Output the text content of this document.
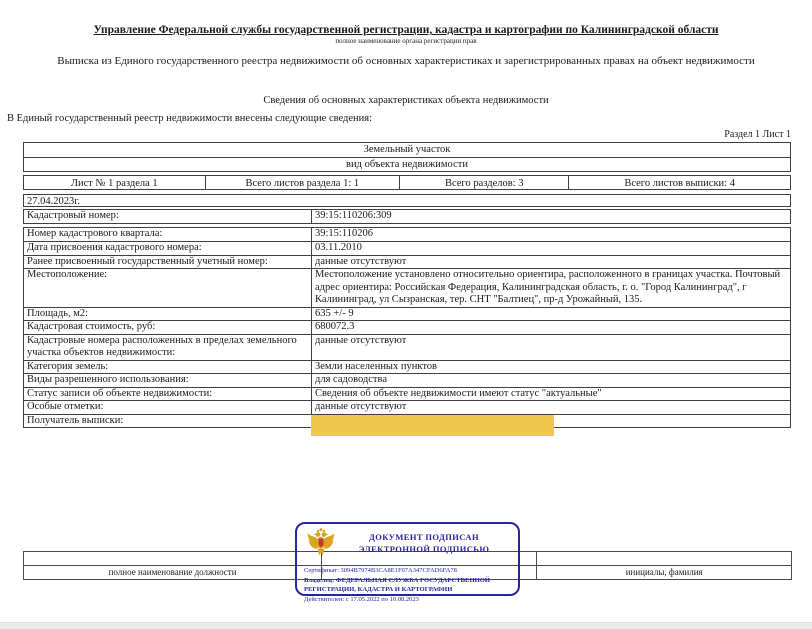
Управление Федеральной службы государственной регистрации, кадастра и картографии по Калининградской области
полное наименование органа регистрации прав
Выписка из Единого государственного реестра недвижимости об основных характеристиках и зарегистрированных правах на объект недвижимости
Сведения об основных характеристиках объекта недвижимости
В Единый государственный реестр недвижимости внесены следующие сведения:
Раздел 1 Лист 1
Земельный участок
вид объекта недвижимости
Лист № 1 раздела 1	Всего листов раздела 1: 1	Всего разделов: 3	Всего листов выписки: 4
27.04.2023г.
Кадастровый номер:	39:15:110206:309
Номер кадастрового квартала:	39:15:110206
Дата присвоения кадастрового номера:	03.11.2010
Ранее присвоенный государственный учетный номер:	данные отсутствуют
Местоположение:	Местоположение установлено относительно ориентира, расположенного в границах участка. Почтовый адрес ориентира: Российская Федерация, Калининградская область, г. о. "Город Калининград", г Калининград, ул Сызранская, тер. СНТ "Балтиец", пр-д Урожайный, 135.
Площадь, м2:	635 +/- 9
Кадастровая стоимость, руб:	680072.3
Кадастровые номера расположенных в пределах земельного участка объектов недвижимости:
данные отсутствуют
Категория земель:	Земли населенных пунктов
Виды разрешенного использования:	для садоводства
Статус записи об объекте недвижимости:	Сведения об объекте недвижимости имеют статус "актуальные"
Особые отметки:	данные отсутствуют
Получатель выписки:
полное наименование должности	инициалы, фамилия
ДОКУМЕНТ ПОДПИСАН
ЭЛЕКТРОННОЙ ПОДПИСЬЮ
Сертификат: 3094B7974B3CA8E1F07A347CFAD6FA78
Владелец: ФЕДЕРАЛЬНАЯ СЛУЖБА ГОСУДАРСТВЕННОЙ
РЕГИСТРАЦИИ, КАДАСТРА И КАРТОГРАФИИ
Действителен: с 17.05.2022 по 10.08.2023
